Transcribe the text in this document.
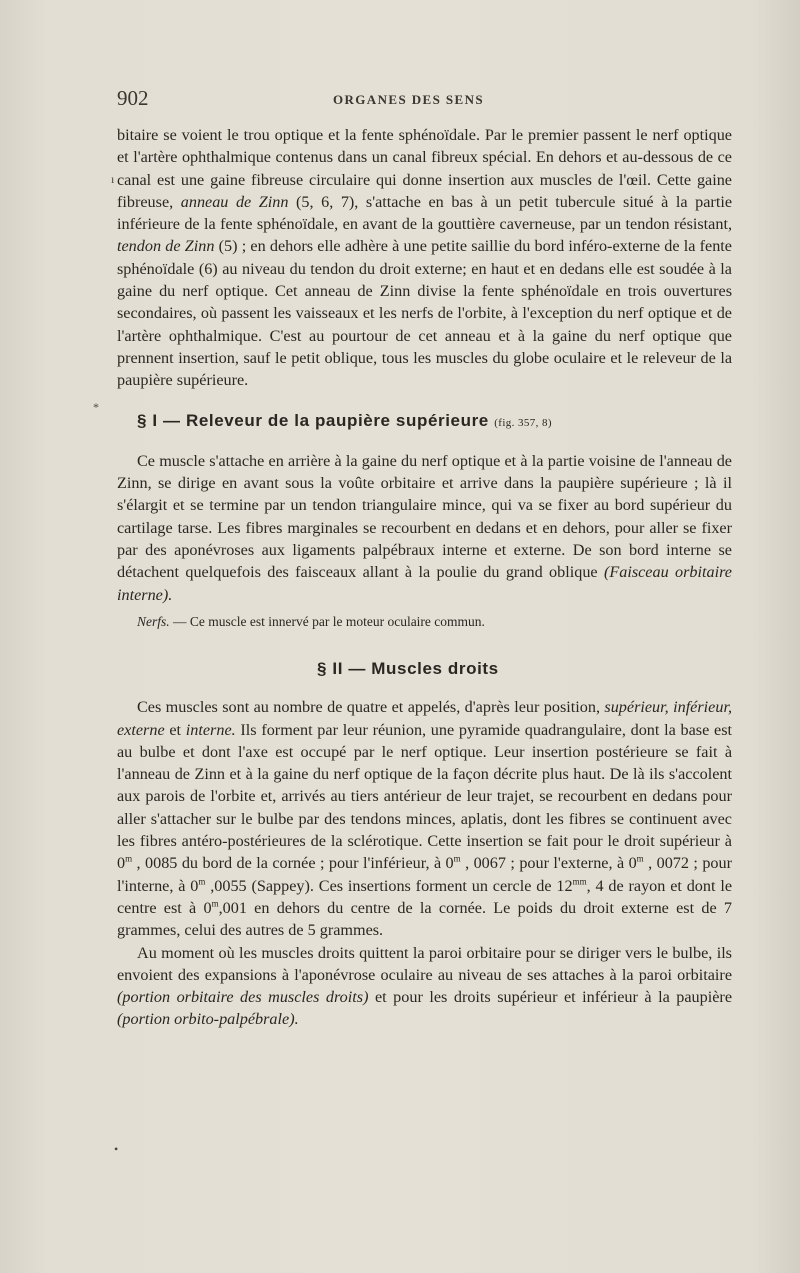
902	ORGANES DES SENS
ı
*
•

bitaire se voient le trou optique et la fente sphénoïdale. Par le premier passent le nerf optique et l'artère ophthalmique contenus dans un canal fibreux spécial. En dehors et au-dessous de ce canal est une gaine fibreuse circulaire qui donne insertion aux muscles de l'œil. Cette gaine fibreuse, anneau de Zinn (5, 6, 7), s'attache en bas à un petit tubercule situé à la partie inférieure de la fente sphénoïdale, en avant de la gouttière caverneuse, par un tendon résistant, tendon de Zinn (5) ; en dehors elle adhère à une petite saillie du bord inféro-externe de la fente sphénoïdale (6) au niveau du tendon du droit externe; en haut et en dedans elle est soudée à la gaine du nerf optique. Cet anneau de Zinn divise la fente sphénoïdale en trois ouvertures secondaires, où passent les vaisseaux et les nerfs de l'orbite, à l'exception du nerf optique et de l'artère ophthalmique. C'est au pourtour de cet anneau et à la gaine du nerf optique que prennent insertion, sauf le petit oblique, tous les muscles du globe oculaire et le releveur de la paupière supérieure.

§ I — Releveur de la paupière supérieure (fig. 357, 8)

Ce muscle s'attache en arrière à la gaine du nerf optique et à la partie voisine de l'anneau de Zinn, se dirige en avant sous la voûte orbitaire et arrive dans la paupière supérieure ; là il s'élargit et se termine par un tendon triangulaire mince, qui va se fixer au bord supérieur du cartilage tarse. Les fibres marginales se recourbent en dedans et en dehors, pour aller se fixer par des aponévroses aux ligaments palpébraux interne et externe. De son bord interne se détachent quelquefois des faisceaux allant à la poulie du grand oblique (Faisceau orbitaire interne).

Nerfs. — Ce muscle est innervé par le moteur oculaire commun.

§ II — Muscles droits

Ces muscles sont au nombre de quatre et appelés, d'après leur position, supérieur, inférieur, externe et interne. Ils forment par leur réunion, une pyramide quadrangulaire, dont la base est au bulbe et dont l'axe est occupé par le nerf optique. Leur insertion postérieure se fait à l'anneau de Zinn et à la gaine du nerf optique de la façon décrite plus haut. De là ils s'accolent aux parois de l'orbite et, arrivés au tiers antérieur de leur trajet, se recourbent en dedans pour aller s'attacher sur le bulbe par des tendons minces, aplatis, dont les fibres se continuent avec les fibres antéro-postérieures de la sclérotique. Cette insertion se fait pour le droit supérieur à 0$^m$ , 0085 du bord de la cornée ; pour l'inférieur, à 0$^m$ , 0067 ; pour l'externe, à 0$^m$ , 0072 ; pour l'interne, à 0$^m$ ,0055 (Sappey). Ces insertions forment un cercle de $12^{mm}$, 4 de rayon et dont le centre est à 0$^m$,001 en dehors du centre de la cornée. Le poids du droit externe est de 7 grammes, celui des autres de 5 grammes.

Au moment où les muscles droits quittent la paroi orbitaire pour se diriger vers le bulbe, ils envoient des expansions à l'aponévrose oculaire au niveau de ses attaches à la paroi orbitaire (portion orbitaire des muscles droits) et pour les droits supérieur et inférieur à la paupière (portion orbito-palpébrale).
